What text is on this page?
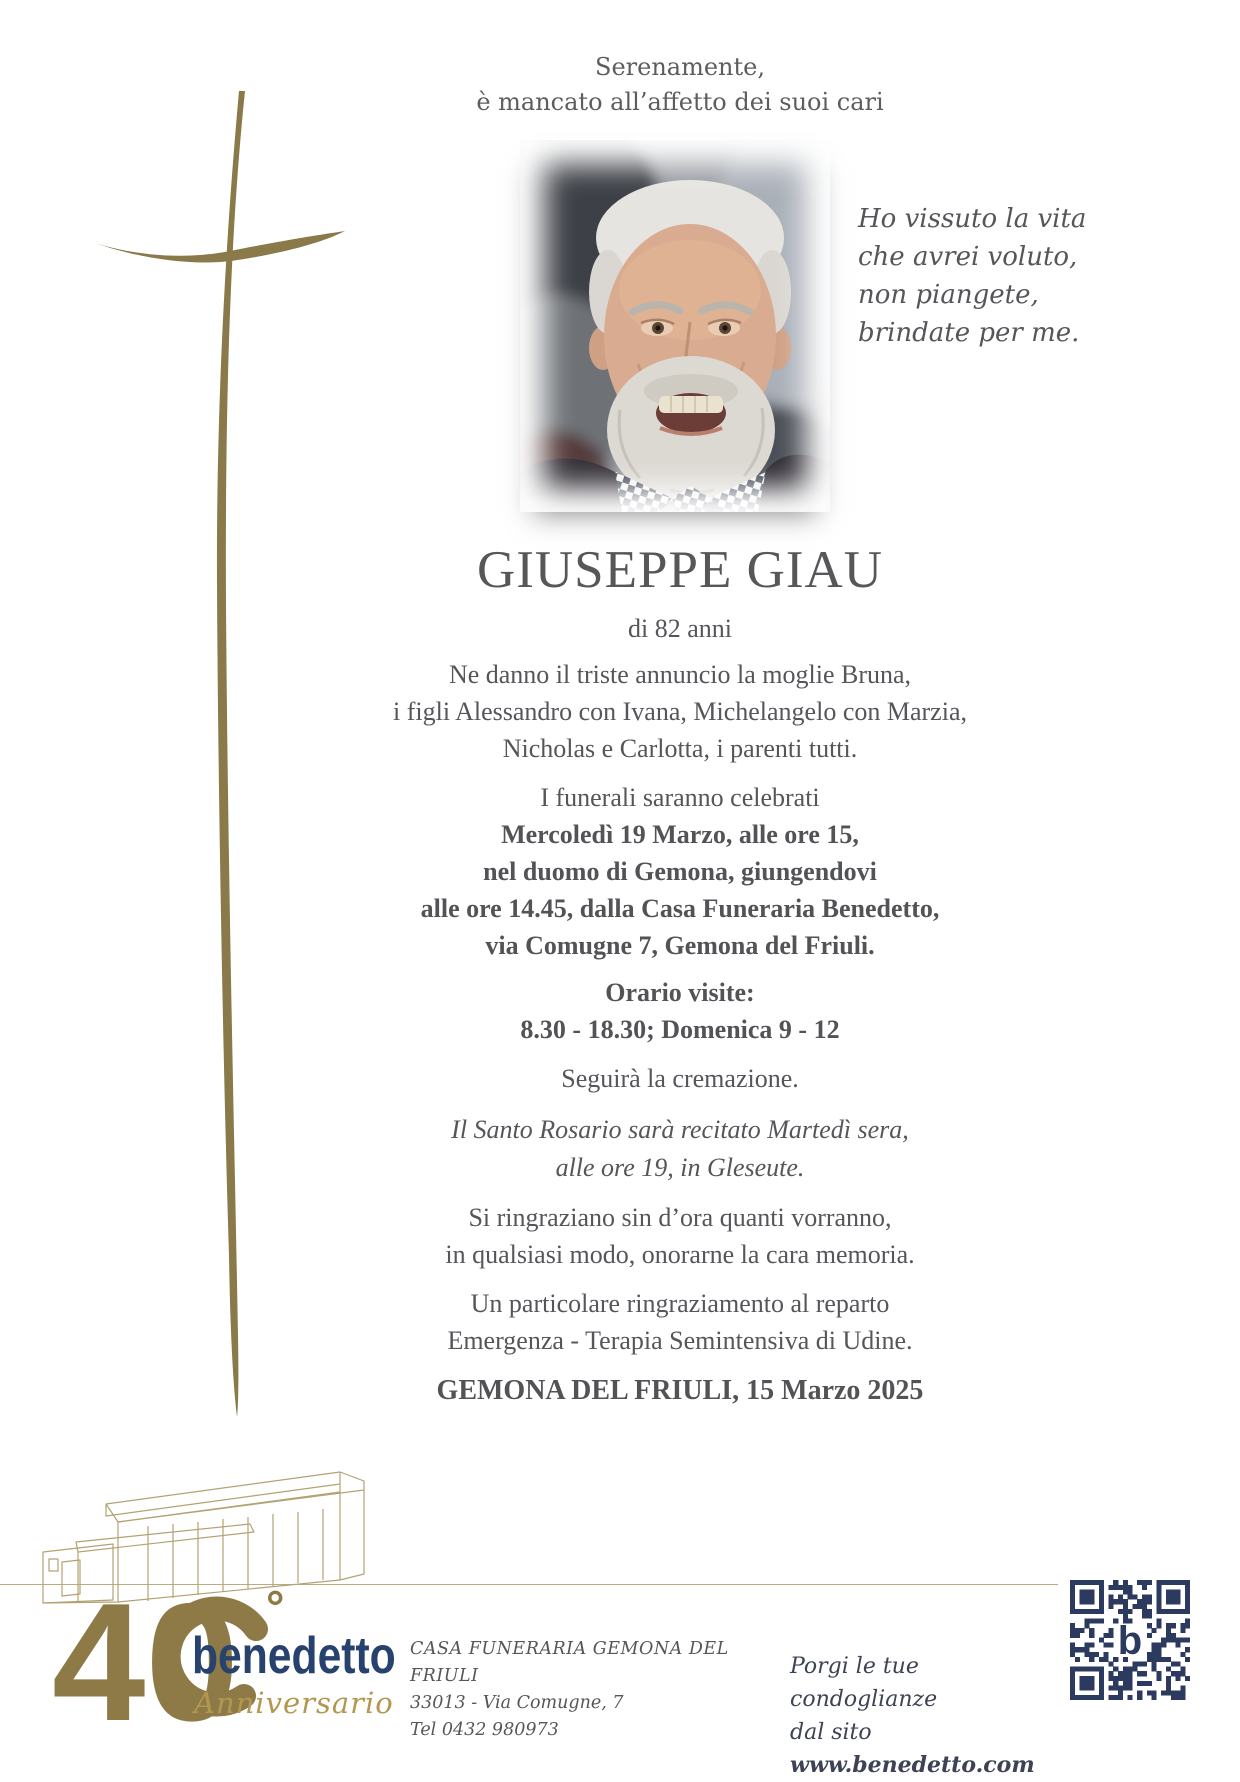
Serenamente,
è mancato all’affetto dei suoi cari
Ho vissuto la vita
che avrei voluto,
non piangete,
brindate per me.
GIUSEPPE GIAU

di 82 anni

Ne danno il triste annuncio la moglie Bruna,
i figli Alessandro con Ivana, Michelangelo con Marzia,
Nicholas e Carlotta, i parenti tutti.

I funerali saranno celebrati
Mercoledì 19 Marzo, alle ore 15,
nel duomo di Gemona, giungendovi
alle ore 14.45, dalla Casa Funeraria Benedetto,
via Comugne 7, Gemona del Friuli.

Orario visite:
8.30 - 18.30; Domenica 9 - 12

Seguirà la cremazione.

Il Santo Rosario sarà recitato Martedì sera,
alle ore 19, in Gleseute.

Si ringraziano sin d’ora quanti vorranno,
in qualsiasi modo, onorarne la cara memoria.

Un particolare ringraziamento al reparto
Emergenza - Terapia Semintensiva di Udine.

GEMONA DEL FRIULI, 15 Marzo 2025

40 °
benedetto
Anniversario
CASA FUNERARIA GEMONA DEL FRIULI
33013 - Via Comugne, 7
Tel 0432 980973
Porgi le tue condoglianze
dal sito www.benedetto.com
b
